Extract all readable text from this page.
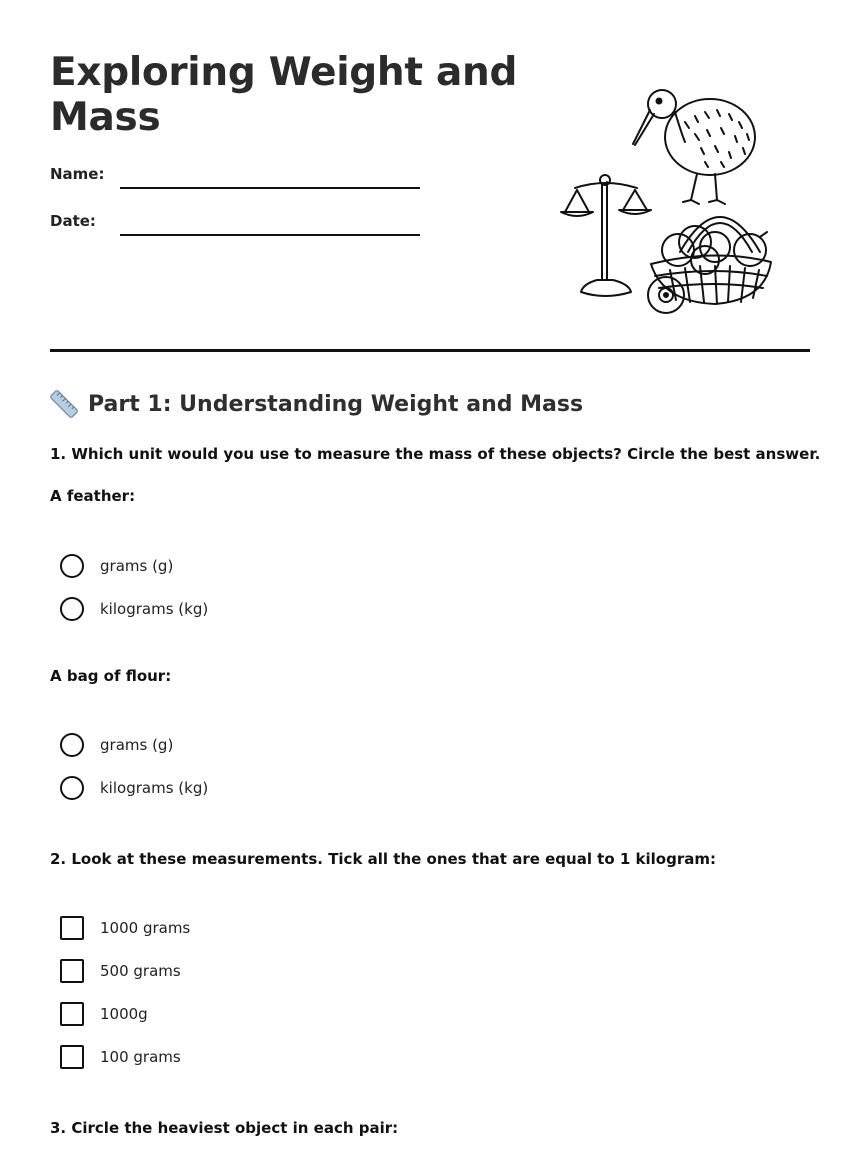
Exploring Weight and Mass
Name:
Date:
Part 1: Understanding Weight and Mass
1. Which unit would you use to measure the mass of these objects? Circle the best answer.
A feather:
grams (g)
kilograms (kg)
A bag of flour:
grams (g)
kilograms (kg)
2. Look at these measurements. Tick all the ones that are equal to 1 kilogram:
1000 grams
500 grams
1000g
100 grams
3. Circle the heaviest object in each pair:
